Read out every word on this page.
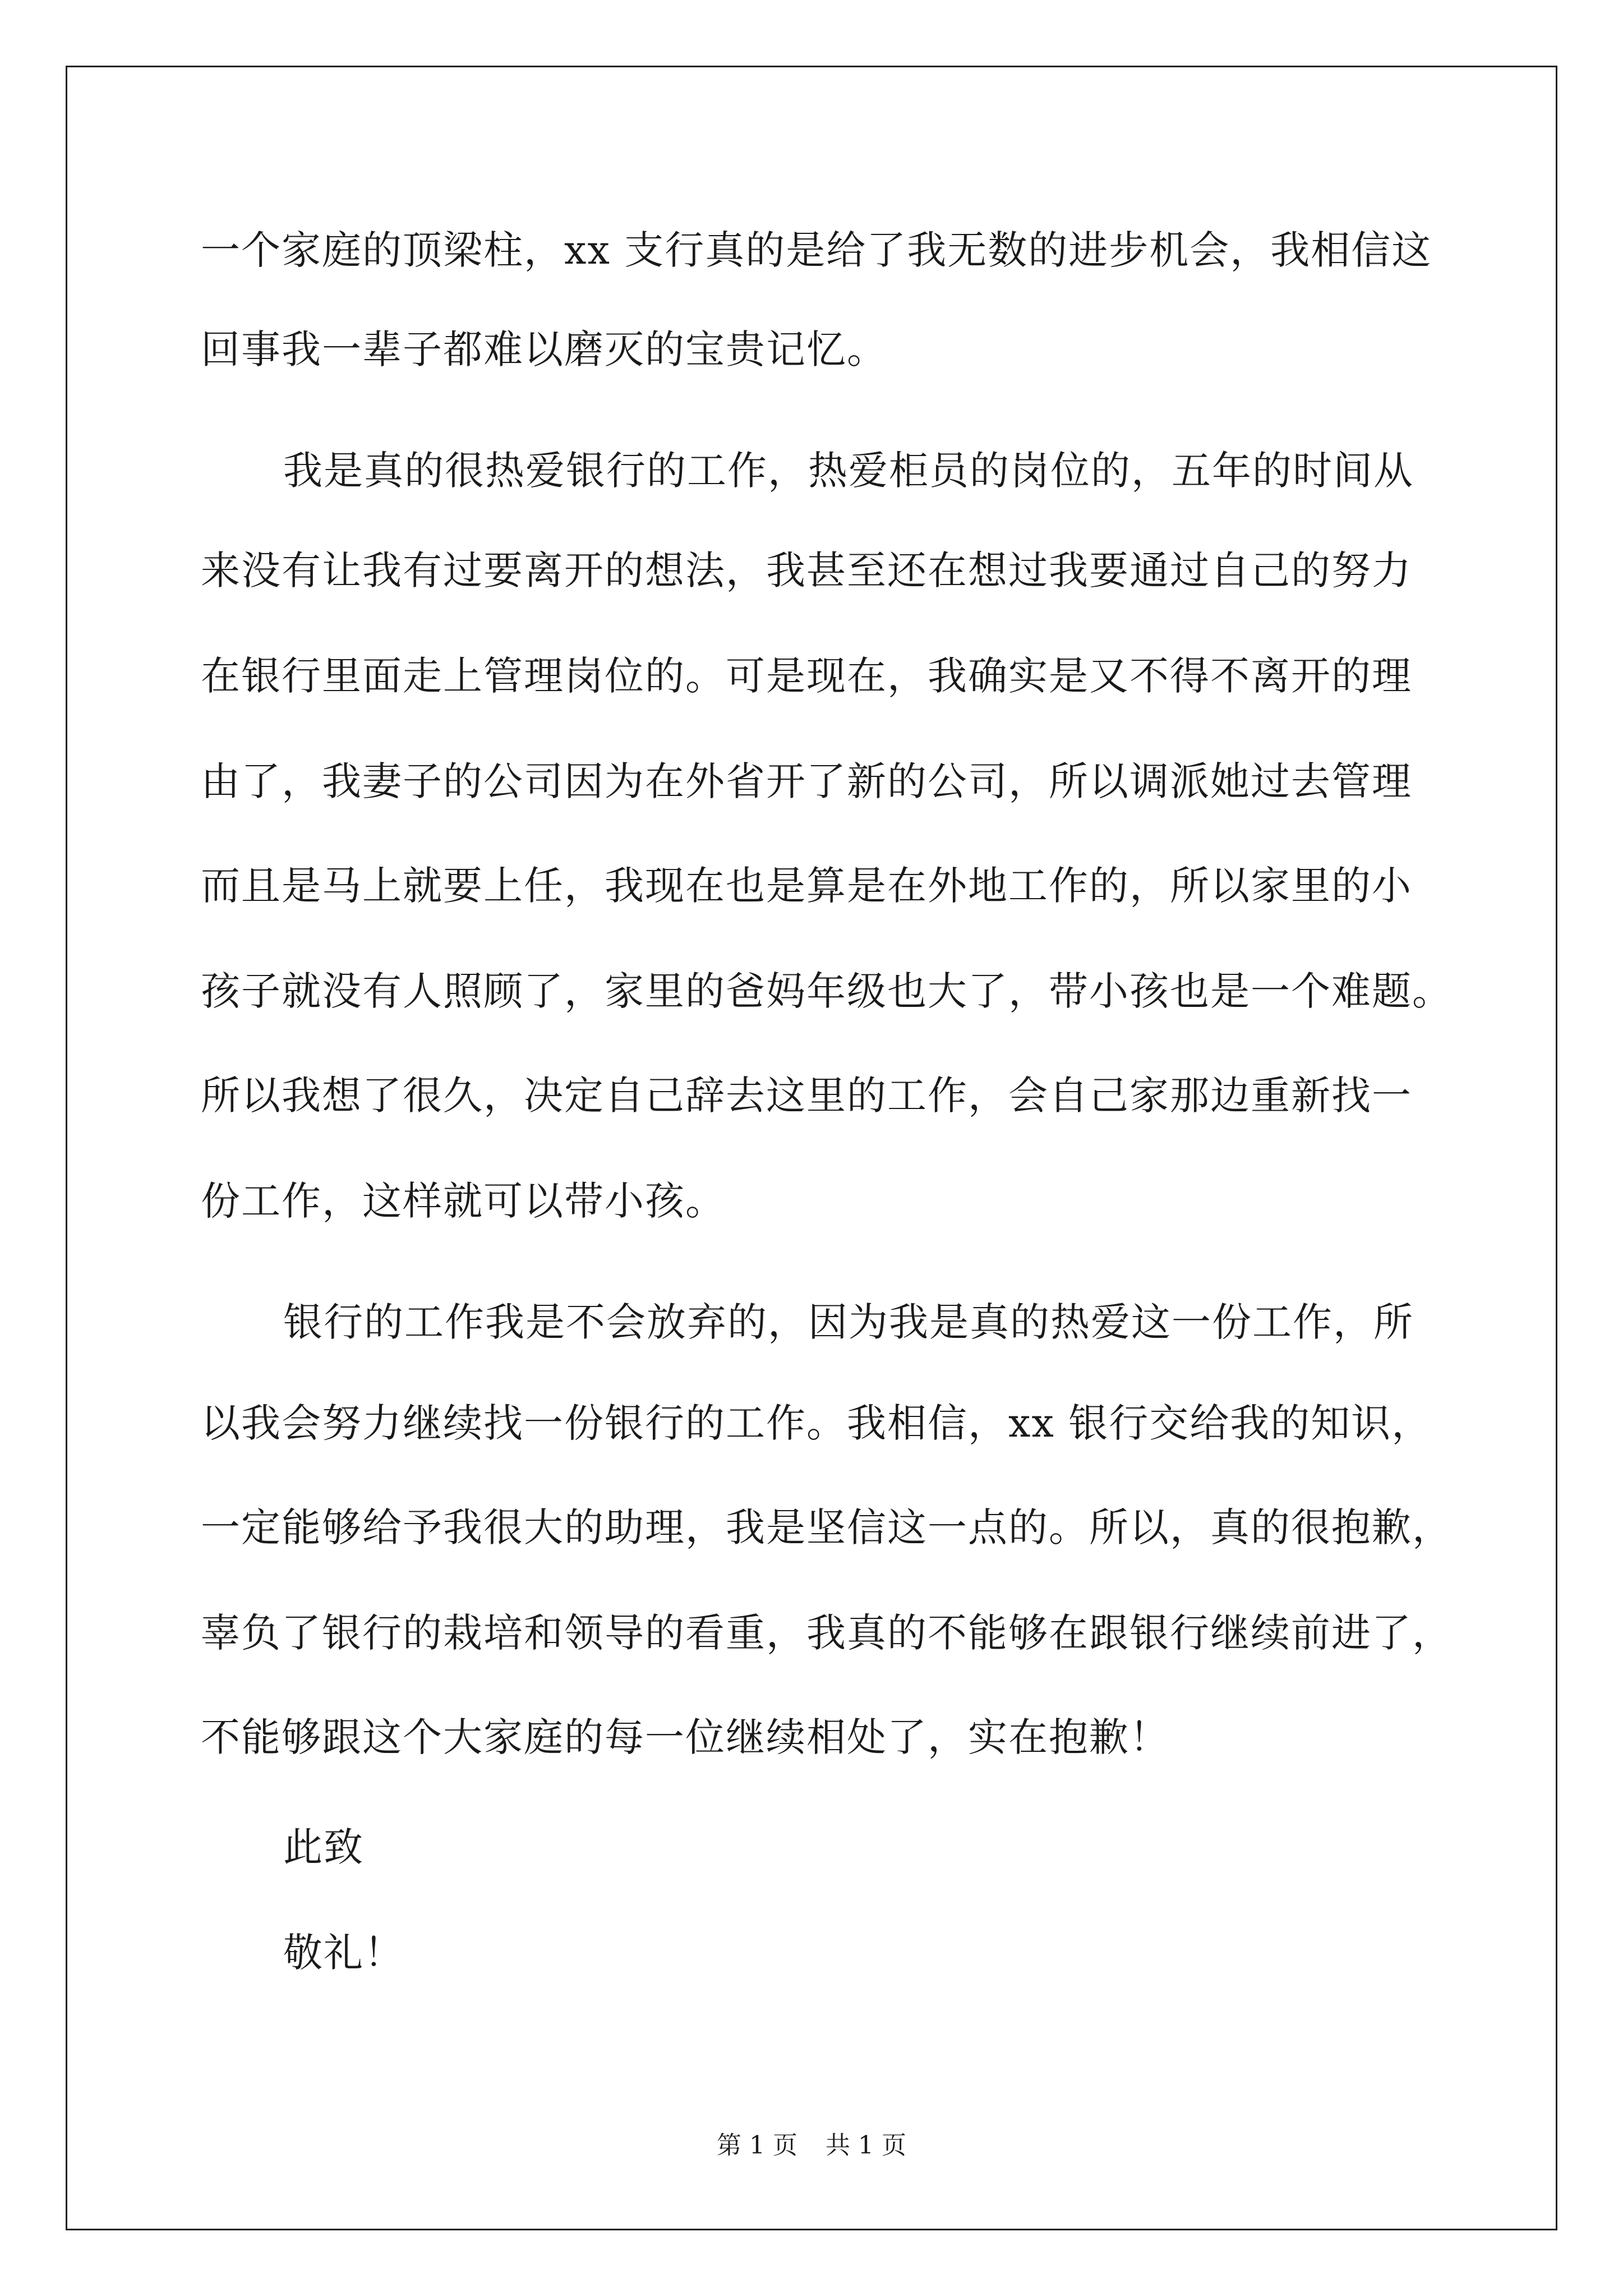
一个家庭的顶梁柱，xx 支行真的是给了我无数的进步机会，我相信这
回事我一辈子都难以磨灭的宝贵记忆。
我是真的很热爱银行的工作，热爱柜员的岗位的，五年的时间从
来没有让我有过要离开的想法，我甚至还在想过我要通过自己的努力
在银行里面走上管理岗位的。可是现在，我确实是又不得不离开的理
由了，我妻子的公司因为在外省开了新的公司，所以调派她过去管理
而且是马上就要上任，我现在也是算是在外地工作的，所以家里的小
孩子就没有人照顾了，家里的爸妈年级也大了，带小孩也是一个难题。
所以我想了很久，决定自己辞去这里的工作，会自己家那边重新找一
份工作，这样就可以带小孩。
银行的工作我是不会放弃的，因为我是真的热爱这一份工作，所
以我会努力继续找一份银行的工作。我相信，xx 银行交给我的知识，
一定能够给予我很大的助理，我是坚信这一点的。所以，真的很抱歉，
辜负了银行的栽培和领导的看重，我真的不能够在跟银行继续前进了，
不能够跟这个大家庭的每一位继续相处了，实在抱歉！
此致
敬礼！
第 1 页 共 1 页
